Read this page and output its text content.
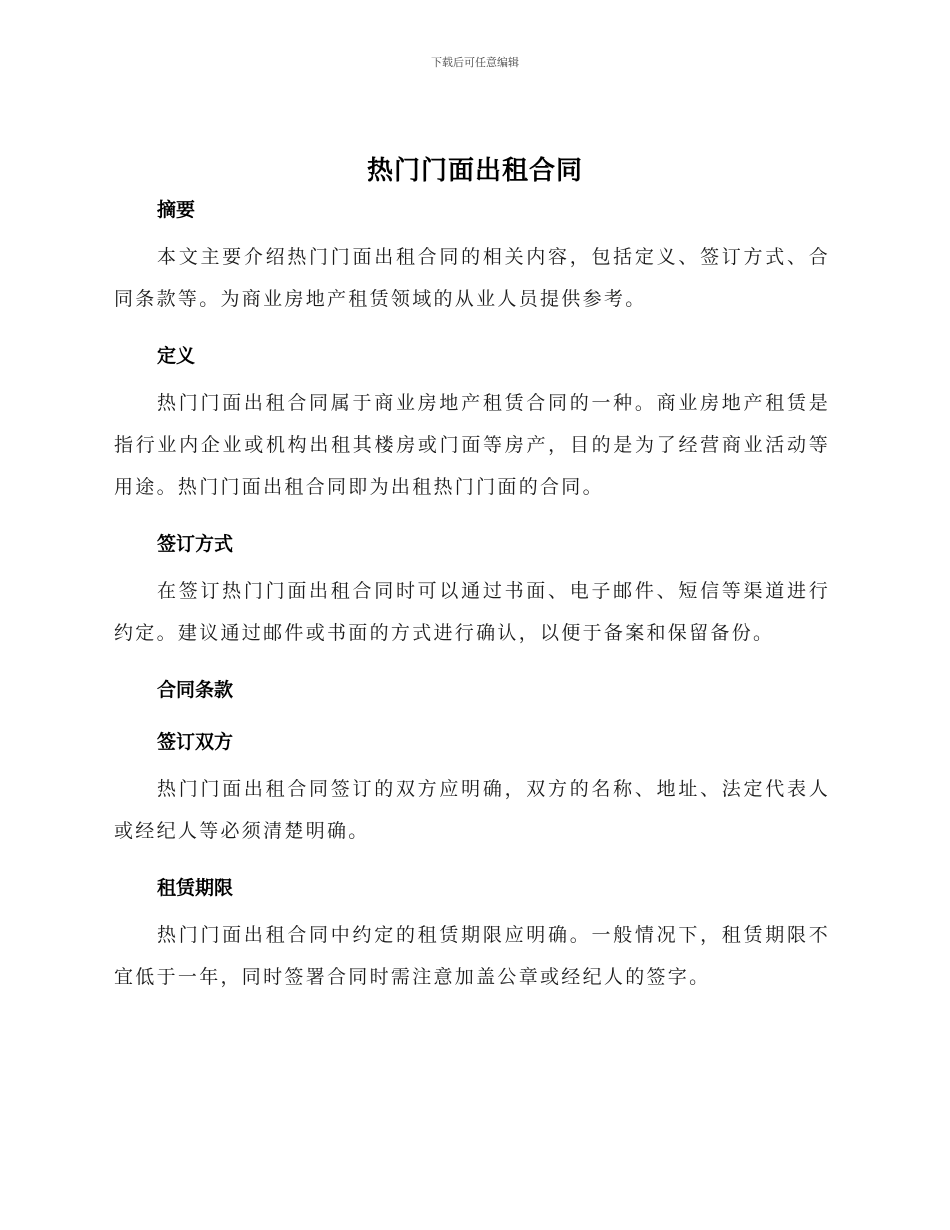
下载后可任意编辑
热门门面出租合同
摘要

本文主要介绍热门门面出租合同的相关内容，包括定义、签订方式、合同条款等。为商业房地产租赁领域的从业人员提供参考。

定义

热门门面出租合同属于商业房地产租赁合同的一种。商业房地产租赁是指行业内企业或机构出租其楼房或门面等房产，目的是为了经营商业活动等用途。热门门面出租合同即为出租热门门面的合同。

签订方式

在签订热门门面出租合同时可以通过书面、电子邮件、短信等渠道进行约定。建议通过邮件或书面的方式进行确认，以便于备案和保留备份。

合同条款
签订双方

热门门面出租合同签订的双方应明确，双方的名称、地址、法定代表人或经纪人等必须清楚明确。

租赁期限

热门门面出租合同中约定的租赁期限应明确。一般情况下，租赁期限不宜低于一年，同时签署合同时需注意加盖公章或经纪人的签字。
